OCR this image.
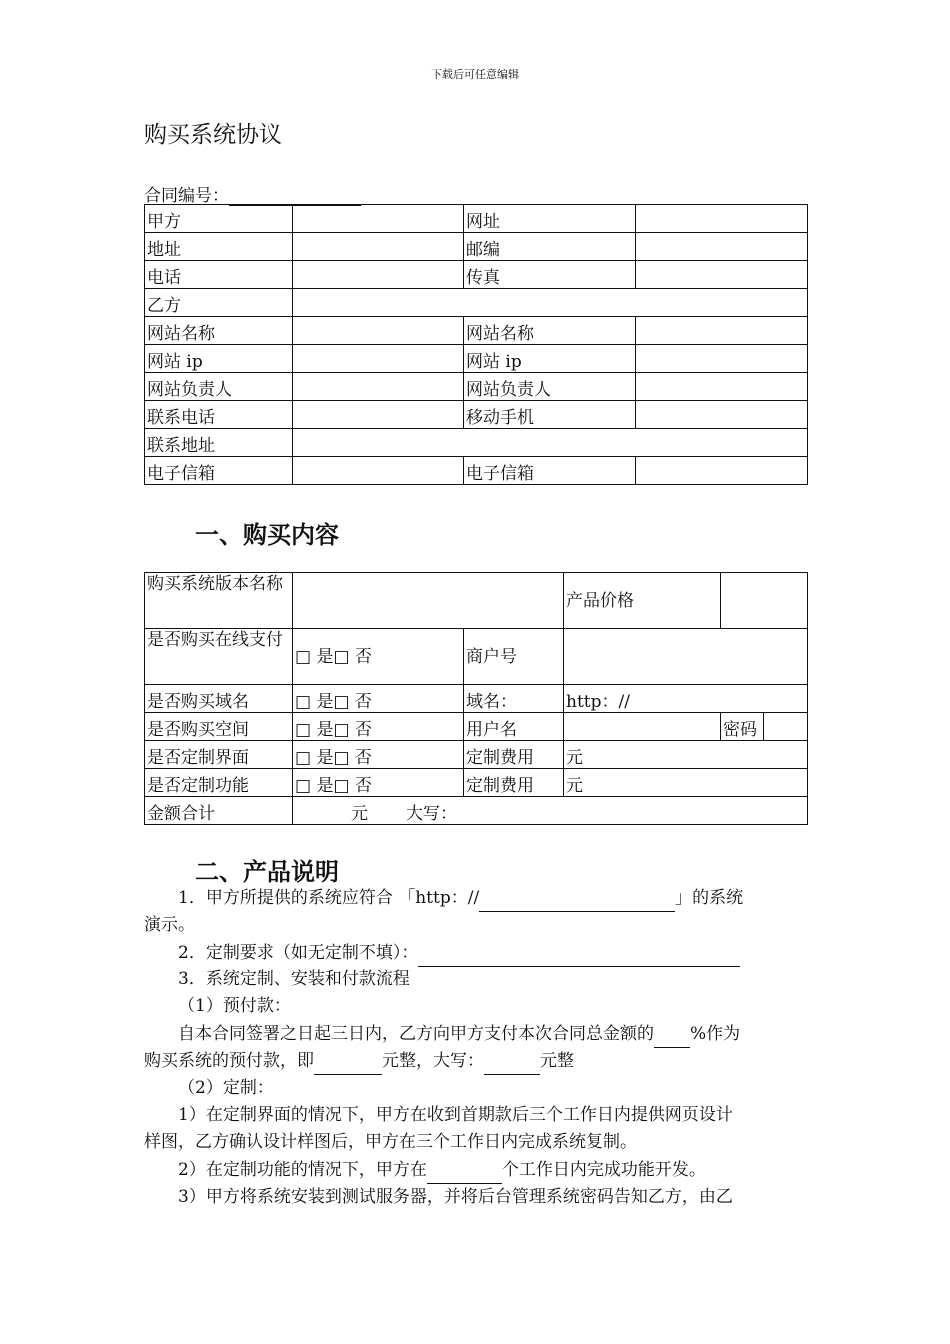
下载后可任意编辑
购买系统协议
合同编号：
甲方		网址	
地址		邮编	
电话		传真	
乙方			
网站名称		网站名称	
网站 ip		网站 ip	
网站负责人		网站负责人	
联系电话		移动手机	
联系地址			
电子信箱		电子信箱	
一、购买内容
购买系统版本名称			产品价格		
是否购买在线支付	□ 是□ 否	商户号			
是否购买域名	□ 是□ 否	域名：	http：//		
是否购买空间	□ 是□ 否	用户名		密码	
是否定制界面	□ 是□ 否	定制费用	元		
是否定制功能	□ 是□ 否	定制费用	元		
金额合计	元 大写：				
二、产品说明
1．甲方所提供的系统应符合 「http：//	」的系统
演示。
2．定制要求（如无定制不填）：
3．系统定制、安装和付款流程
（1）预付款：
自本合同签署之日起三日内，乙方向甲方支付本次合同总金额的 %作为
购买系统的预付款，即	元整，大写：	元整
（2）定制：
1）在定制界面的情况下，甲方在收到首期款后三个工作日内提供网页设计
样图，乙方确认设计样图后，甲方在三个工作日内完成系统复制。
2）在定制功能的情况下，甲方在	个工作日内完成功能开发。
3）甲方将系统安装到测试服务器，并将后台管理系统密码告知乙方，由乙
